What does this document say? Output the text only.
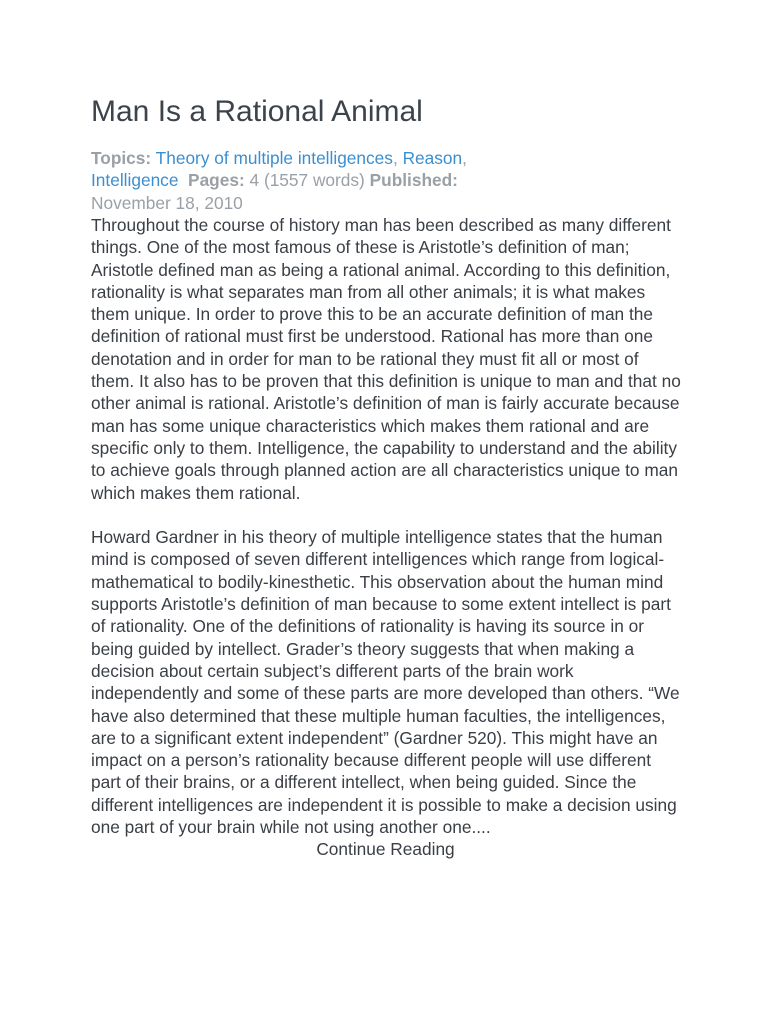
Man Is a Rational Animal
Topics: Theory of multiple intelligences, Reason, Intelligence Pages: 4 (1557 words) Published: November 18, 2010

Throughout the course of history man has been described as many different things. One of the most famous of these is Aristotle’s definition of man; Aristotle defined man as being a rational animal. According to this definition, rationality is what separates man from all other animals; it is what makes them unique. In order to prove this to be an accurate definition of man the definition of rational must first be understood. Rational has more than one denotation and in order for man to be rational they must fit all or most of them. It also has to be proven that this definition is unique to man and that no other animal is rational. Aristotle’s definition of man is fairly accurate because man has some unique characteristics which makes them rational and are specific only to them. Intelligence, the capability to understand and the ability to achieve goals through planned action are all characteristics unique to man which makes them rational.

Howard Gardner in his theory of multiple intelligence states that the human mind is composed of seven different intelligences which range from logical-mathematical to bodily-kinesthetic. This observation about the human mind supports Aristotle’s definition of man because to some extent intellect is part of rationality. One of the definitions of rationality is having its source in or being guided by intellect. Grader’s theory suggests that when making a decision about certain subject’s different parts of the brain work independently and some of these parts are more developed than others. “We have also determined that these multiple human faculties, the intelligences, are to a significant extent independent” (Gardner 520). This might have an impact on a person’s rationality because different people will use different part of their brains, or a different intellect, when being guided. Since the different intelligences are independent it is possible to make a decision using one part of your brain while not using another one....

Continue Reading
